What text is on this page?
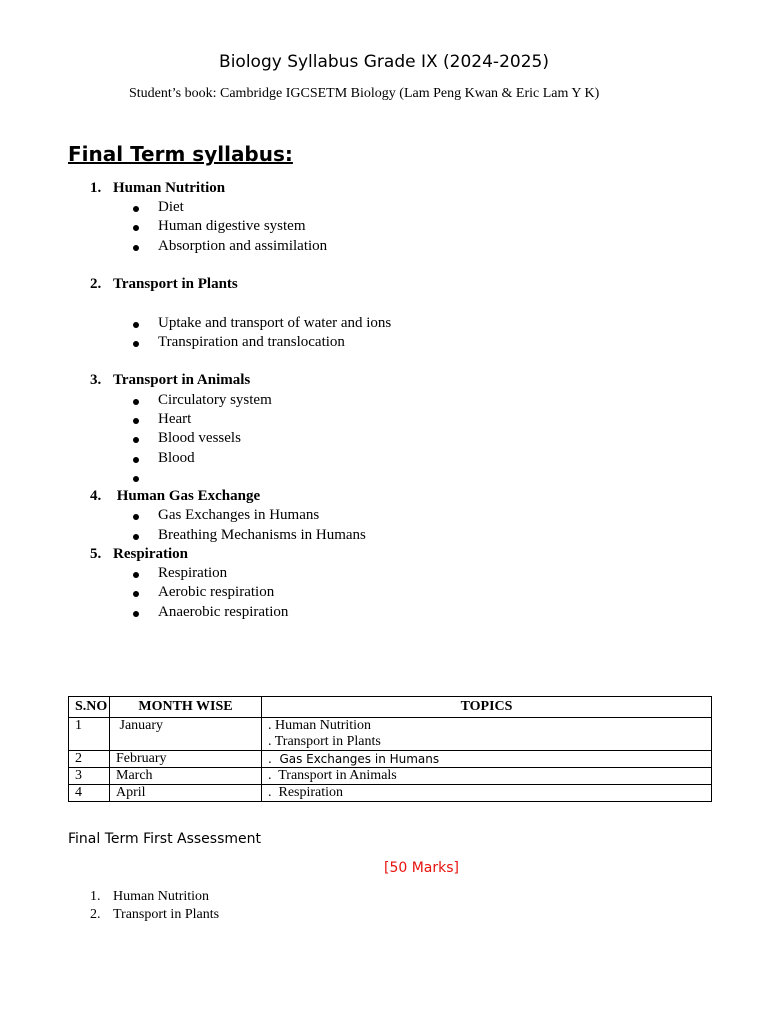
Biology Syllabus Grade IX (2024-2025)
Student’s book: Cambridge IGCSETM Biology (Lam Peng Kwan & Eric Lam Y K)
Final Term syllabus:
1. Human Nutrition
Diet
Human digestive system
Absorption and assimilation
2. Transport in Plants
Uptake and transport of water and ions
Transpiration and translocation
3. Transport in Animals
Circulatory system
Heart
Blood vessels
Blood
4. Human Gas Exchange
Gas Exchanges in Humans
Breathing Mechanisms in Humans
5. Respiration
Respiration
Aerobic respiration
Anaerobic respiration
S.NO	MONTH WISE	TOPICS
1	January	. Human Nutrition
. Transport in Plants

2	February	.  Gas Exchanges in Humans
3	March	.  Transport in Animals
4	April	.  Respiration
Final Term First Assessment
[50 Marks]
1. Human Nutrition
2. Transport in Plants
